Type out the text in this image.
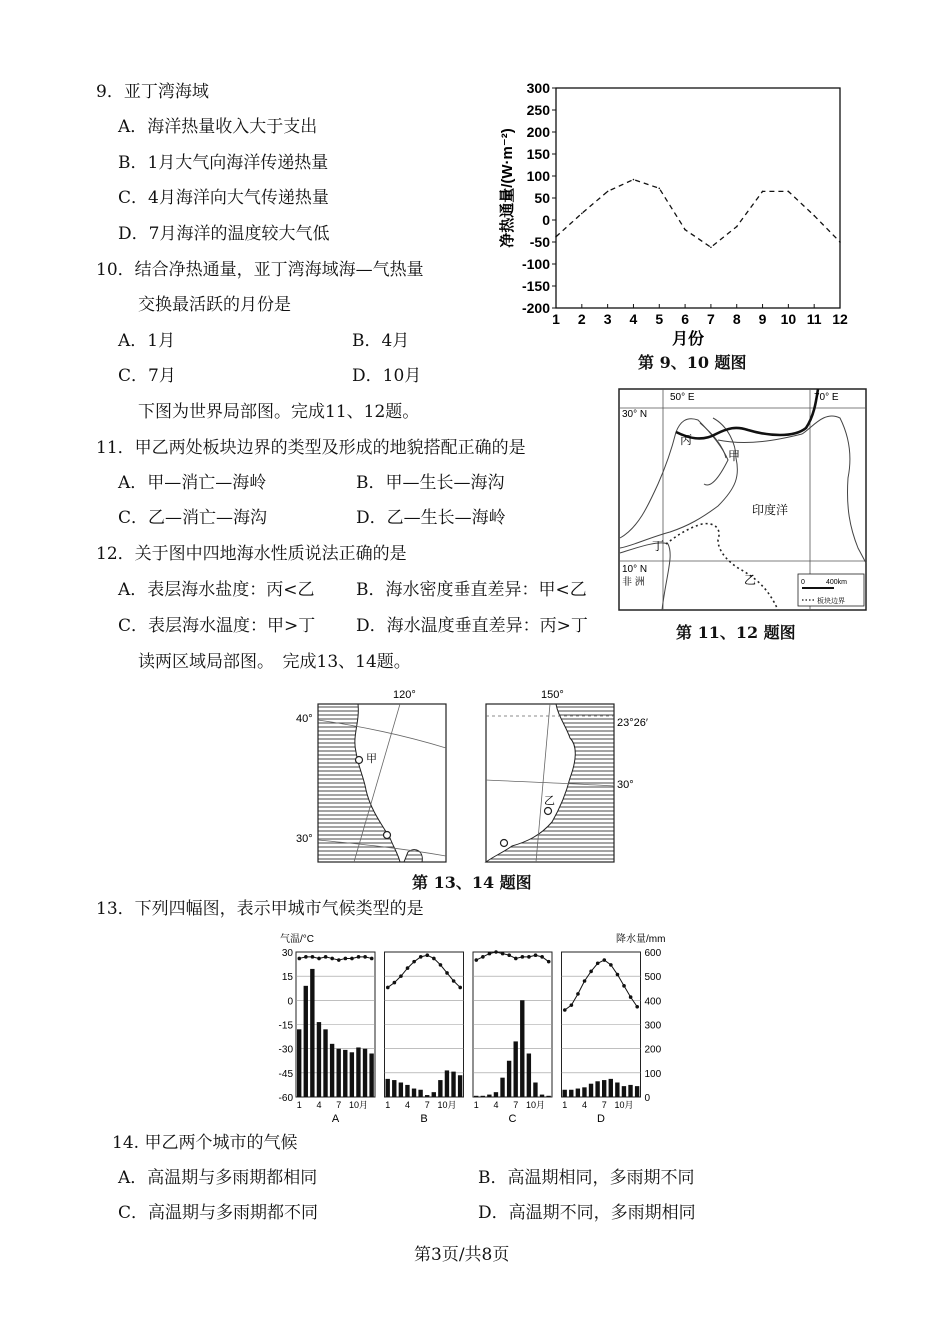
9．亚丁湾海域
A．海洋热量收入大于支出
B．1月大气向海洋传递热量
C．4月海洋向大气传递热量
D．7月海洋的温度较大气低
10．结合净热通量，亚丁湾海域海—气热量
交换最活跃的月份是
A．1月	B．4月
C．7月	D．10月
下图为世界局部图。完成11、12题。
11．甲乙两处板块边界的类型及形成的地貌搭配正确的是
A．甲—消亡—海岭	B．甲—生长—海沟
C．乙—消亡—海沟	D．乙—生长—海岭
12．关于图中四地海水性质说法正确的是
A．表层海水盐度：丙<乙 B．海水密度垂直差异：甲<乙
C．表层海水温度：甲>丁 D．海水温度垂直差异：丙>丁
读两区域局部图。　完成13、14题。
300
250
200
150
100
50
0
-50
-100
-150
-200
1 2 3 4 5 6 7 8 9 10 11 12
月份
净热通量/(W·m⁻²)
第 9、10 题图
50° E	70° E
30° N
10° N
丙
甲
丁
乙
印度洋
非 洲	0	400km
板块边界
第 11、12 题图
120°
40°
30°
甲
150°
23°26′
30°
乙
第 13、14 题图
13．下列四幅图，表示甲城市气候类型的是
气温/°C	降水量/mm
30
15
0
-15
-30
-45
-60
600
500
400
300
200
100
0
1 4 7 10月
A
1 4 7 10月
B
1 4 7 10月
C
1 4 7 10月
D
14. 甲乙两个城市的气候
A．高温期与多雨期都相同	B．高温期相同，多雨期不同
C．高温期与多雨期都不同	D．高温期不同，多雨期相同
第3页/共8页
